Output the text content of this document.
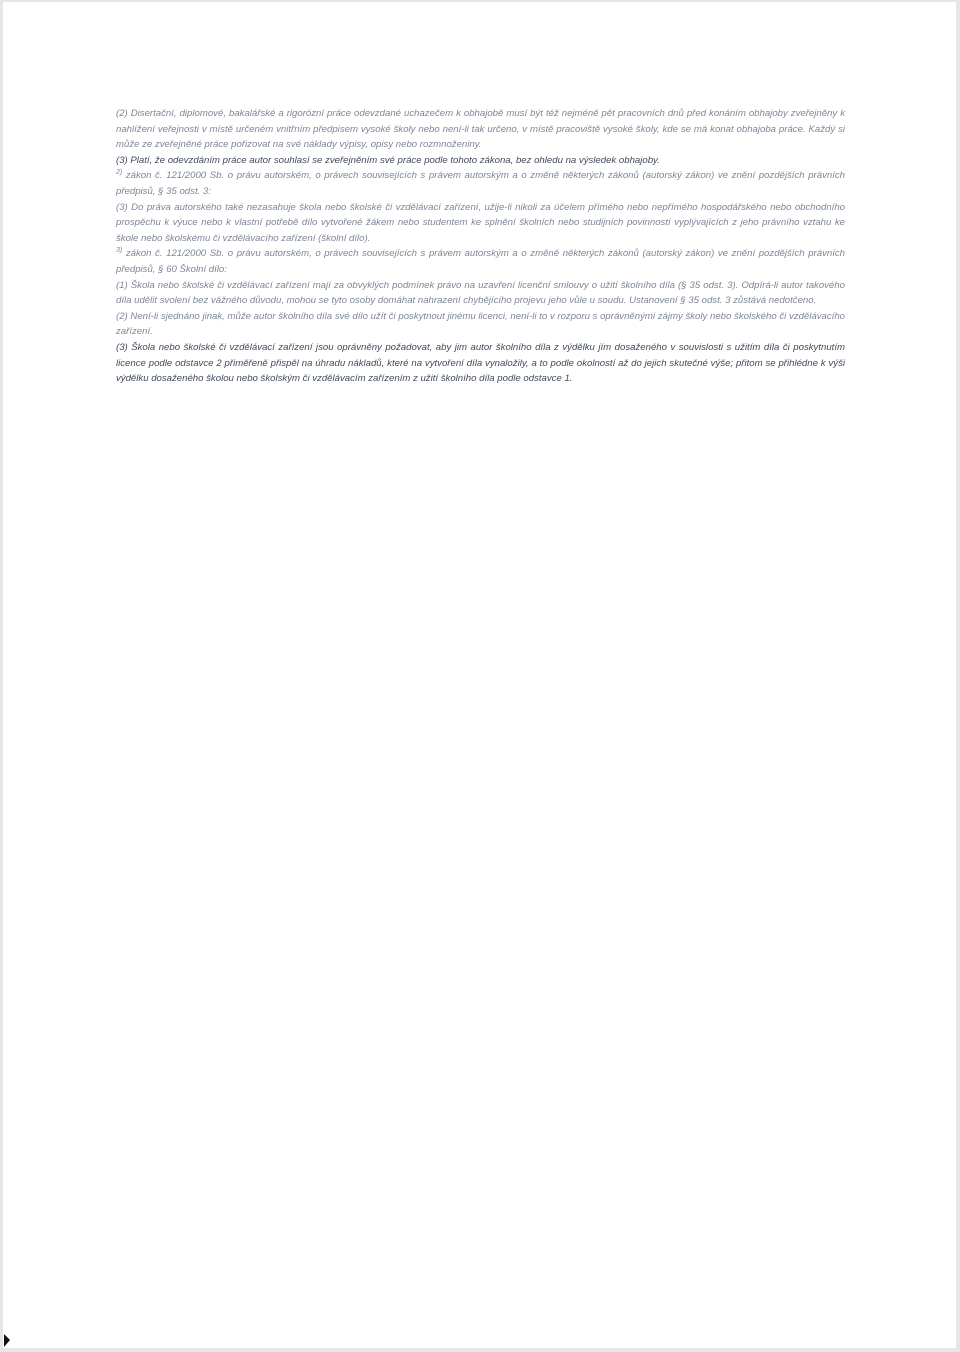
(2) Disertační, diplomové, bakalářské a rigorózní práce odevzdané uchazečem k obhajobě musí být též nejméně pět pracovních dnů před konáním obhajoby zveřejněny k nahlížení veřejnosti v místě určeném vnitřním předpisem vysoké školy nebo není-li tak určeno, v místě pracoviště vysoké školy, kde se má konat obhajoba práce. Každý si může ze zveřejněné práce pořizovat na své náklady výpisy, opisy nebo rozmnoženiny.

(3) Platí, že odevzdáním práce autor souhlasí se zveřejněním své práce podle tohoto zákona, bez ohledu na výsledek obhajoby.

$^{2)}$ zákon č. 121/2000 Sb. o právu autorském, o právech souvisejících s právem autorským a o změně některých zákonů (autorský zákon) ve znění pozdějších právních předpisů, § 35 odst. 3:

(3) Do práva autorského také nezasahuje škola nebo školské či vzdělávací zařízení, užije-li nikoli za účelem přímého nebo nepřímého hospodářského nebo obchodního prospěchu k výuce nebo k vlastní potřebě dílo vytvořené žákem nebo studentem ke splnění školních nebo studijních povinností vyplývajících z jeho právního vztahu ke škole nebo školskému či vzdělávacího zařízení (školní dílo).

$^{3)}$ zákon č. 121/2000 Sb. o právu autorském, o právech souvisejících s právem autorským a o změně některých zákonů (autorský zákon) ve znění pozdějších právních předpisů, § 60 Školní dílo:

(1) Škola nebo školské či vzdělávací zařízení mají za obvyklých podmínek právo na uzavření licenční smlouvy o užití školního díla (§ 35 odst. 3). Odpírá-li autor takového díla udělit svolení bez vážného důvodu, mohou se tyto osoby domáhat nahrazení chybějícího projevu jeho vůle u soudu. Ustanovení § 35 odst. 3 zůstává nedotčeno.

(2) Není-li sjednáno jinak, může autor školního díla své dílo užít či poskytnout jinému licenci, není-li to v rozporu s oprávněnými zájmy školy nebo školského či vzdělávacího zařízení.

(3) Škola nebo školské či vzdělávací zařízení jsou oprávněny požadovat, aby jim autor školního díla z výdělku jím dosaženého v souvislosti s užitím díla či poskytnutím licence podle odstavce 2 přiměřeně přispěl na úhradu nákladů, které na vytvoření díla vynaložily, a to podle okolností až do jejich skutečné výše; přitom se přihlédne k výši výdělku dosaženého školou nebo školským či vzdělávacím zařízením z užití školního díla podle odstavce 1.
